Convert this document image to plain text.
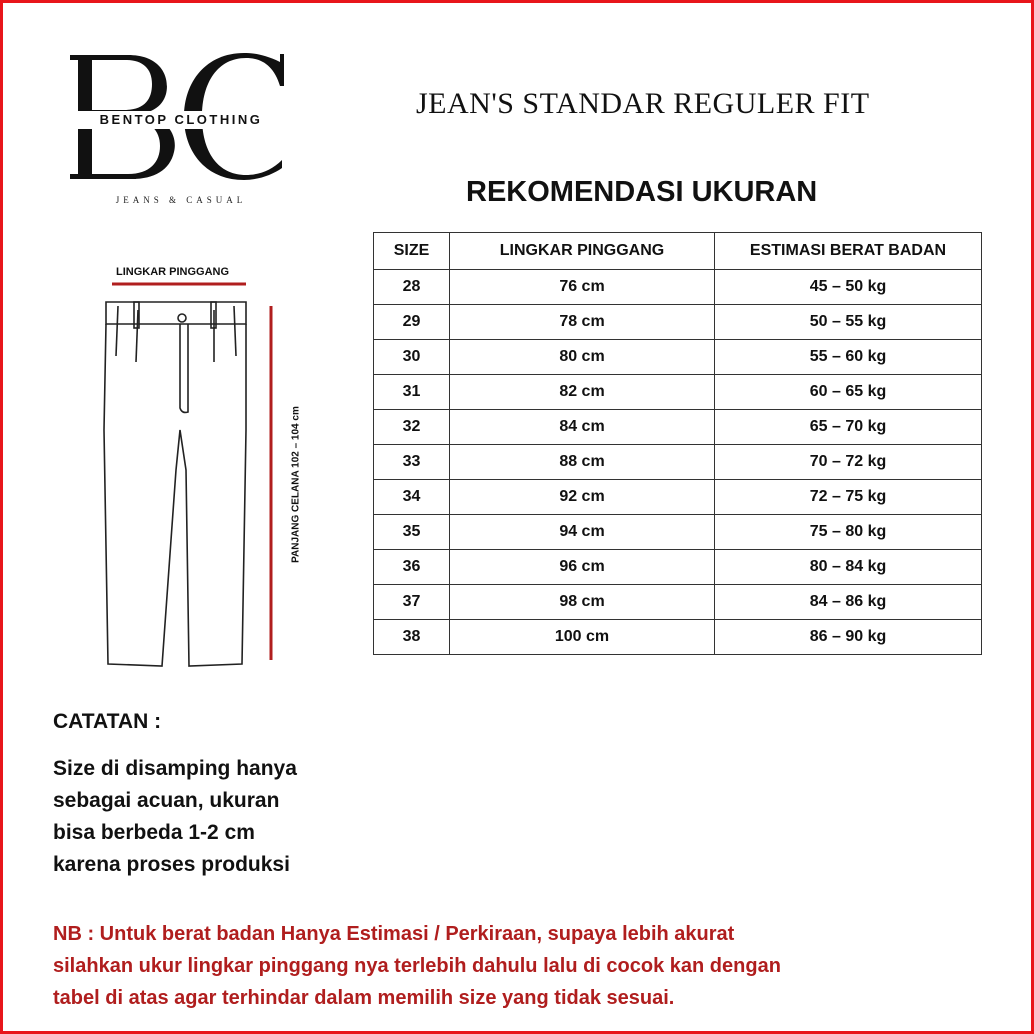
BENTOP CLOTHING
JEANS & CASUAL
JEAN'S STANDAR REGULER FIT
REKOMENDASI UKURAN
SIZE	LINGKAR PINGGANG	ESTIMASI BERAT BADAN
28	76 cm	45 – 50 kg
29	78 cm	50 – 55 kg
30	80 cm	55 – 60 kg
31	82 cm	60 – 65 kg
32	84 cm	65 – 70 kg
33	88 cm	70 – 72 kg
34	92 cm	72 – 75 kg
35	94 cm	75 – 80 kg
36	96 cm	80 – 84 kg
37	98 cm	84 – 86 kg
38	100 cm	86 – 90 kg
LINGKAR PINGGANG
PANJANG CELANA 102 – 104 cm
CATATAN :
Size di disamping hanya
sebagai acuan, ukuran
bisa berbeda 1-2 cm
karena proses produksi
NB : Untuk berat badan Hanya Estimasi / Perkiraan, supaya lebih akurat
silahkan ukur lingkar pinggang nya terlebih dahulu lalu di cocok kan dengan
tabel di atas agar terhindar dalam memilih size yang tidak sesuai.
